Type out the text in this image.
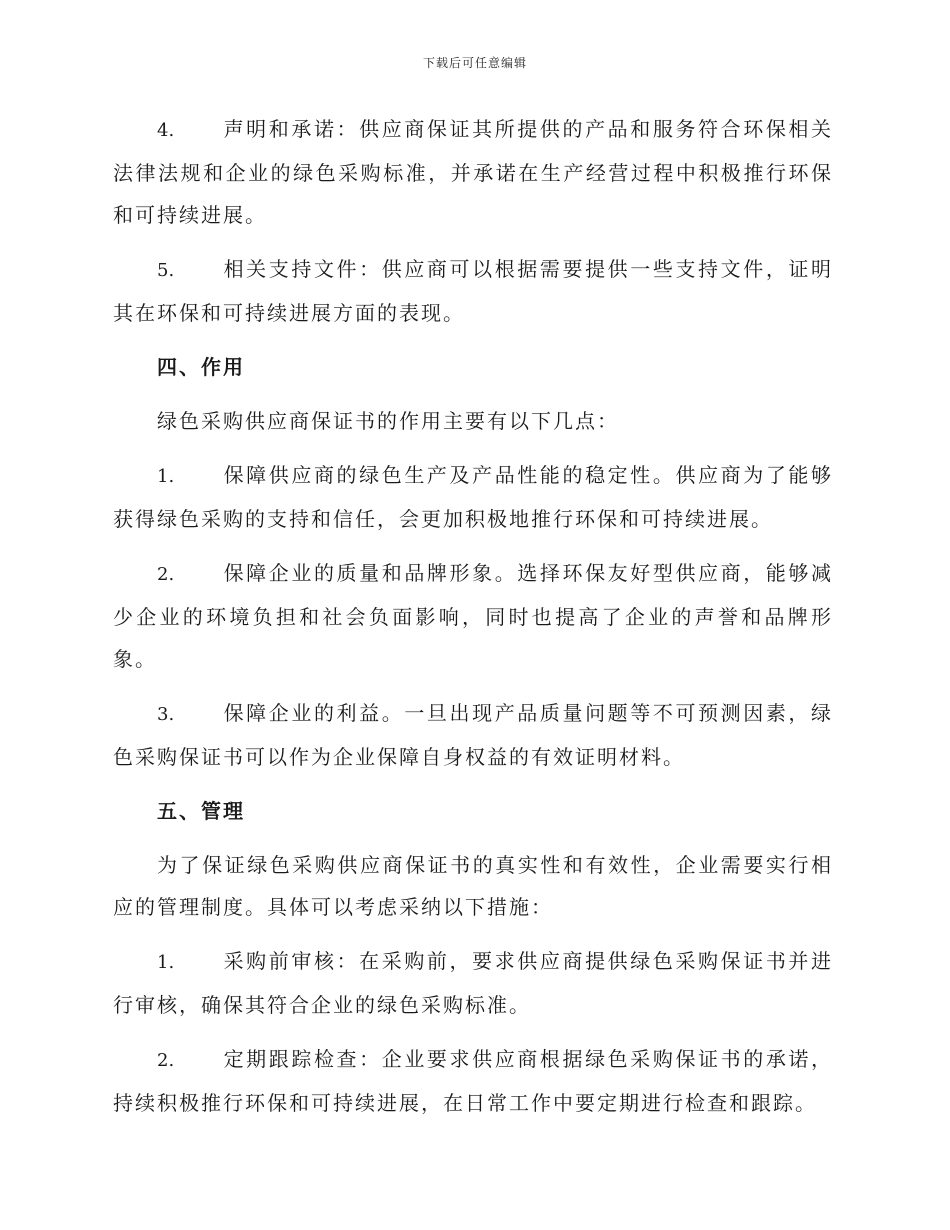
下载后可任意编辑

4. 声明和承诺：供应商保证其所提供的产品和服务符合环保相关法律法规和企业的绿色采购标准，并承诺在生产经营过程中积极推行环保和可持续进展。

5. 相关支持文件：供应商可以根据需要提供一些支持文件，证明其在环保和可持续进展方面的表现。

四、作用

绿色采购供应商保证书的作用主要有以下几点：

1. 保障供应商的绿色生产及产品性能的稳定性。供应商为了能够获得绿色采购的支持和信任，会更加积极地推行环保和可持续进展。

2. 保障企业的质量和品牌形象。选择环保友好型供应商，能够减少企业的环境负担和社会负面影响，同时也提高了企业的声誉和品牌形象。

3. 保障企业的利益。一旦出现产品质量问题等不可预测因素，绿色采购保证书可以作为企业保障自身权益的有效证明材料。

五、管理

为了保证绿色采购供应商保证书的真实性和有效性，企业需要实行相应的管理制度。具体可以考虑采纳以下措施：

1. 采购前审核：在采购前，要求供应商提供绿色采购保证书并进行审核，确保其符合企业的绿色采购标准。

2. 定期跟踪检查：企业要求供应商根据绿色采购保证书的承诺，持续积极推行环保和可持续进展，在日常工作中要定期进行检查和跟踪。
